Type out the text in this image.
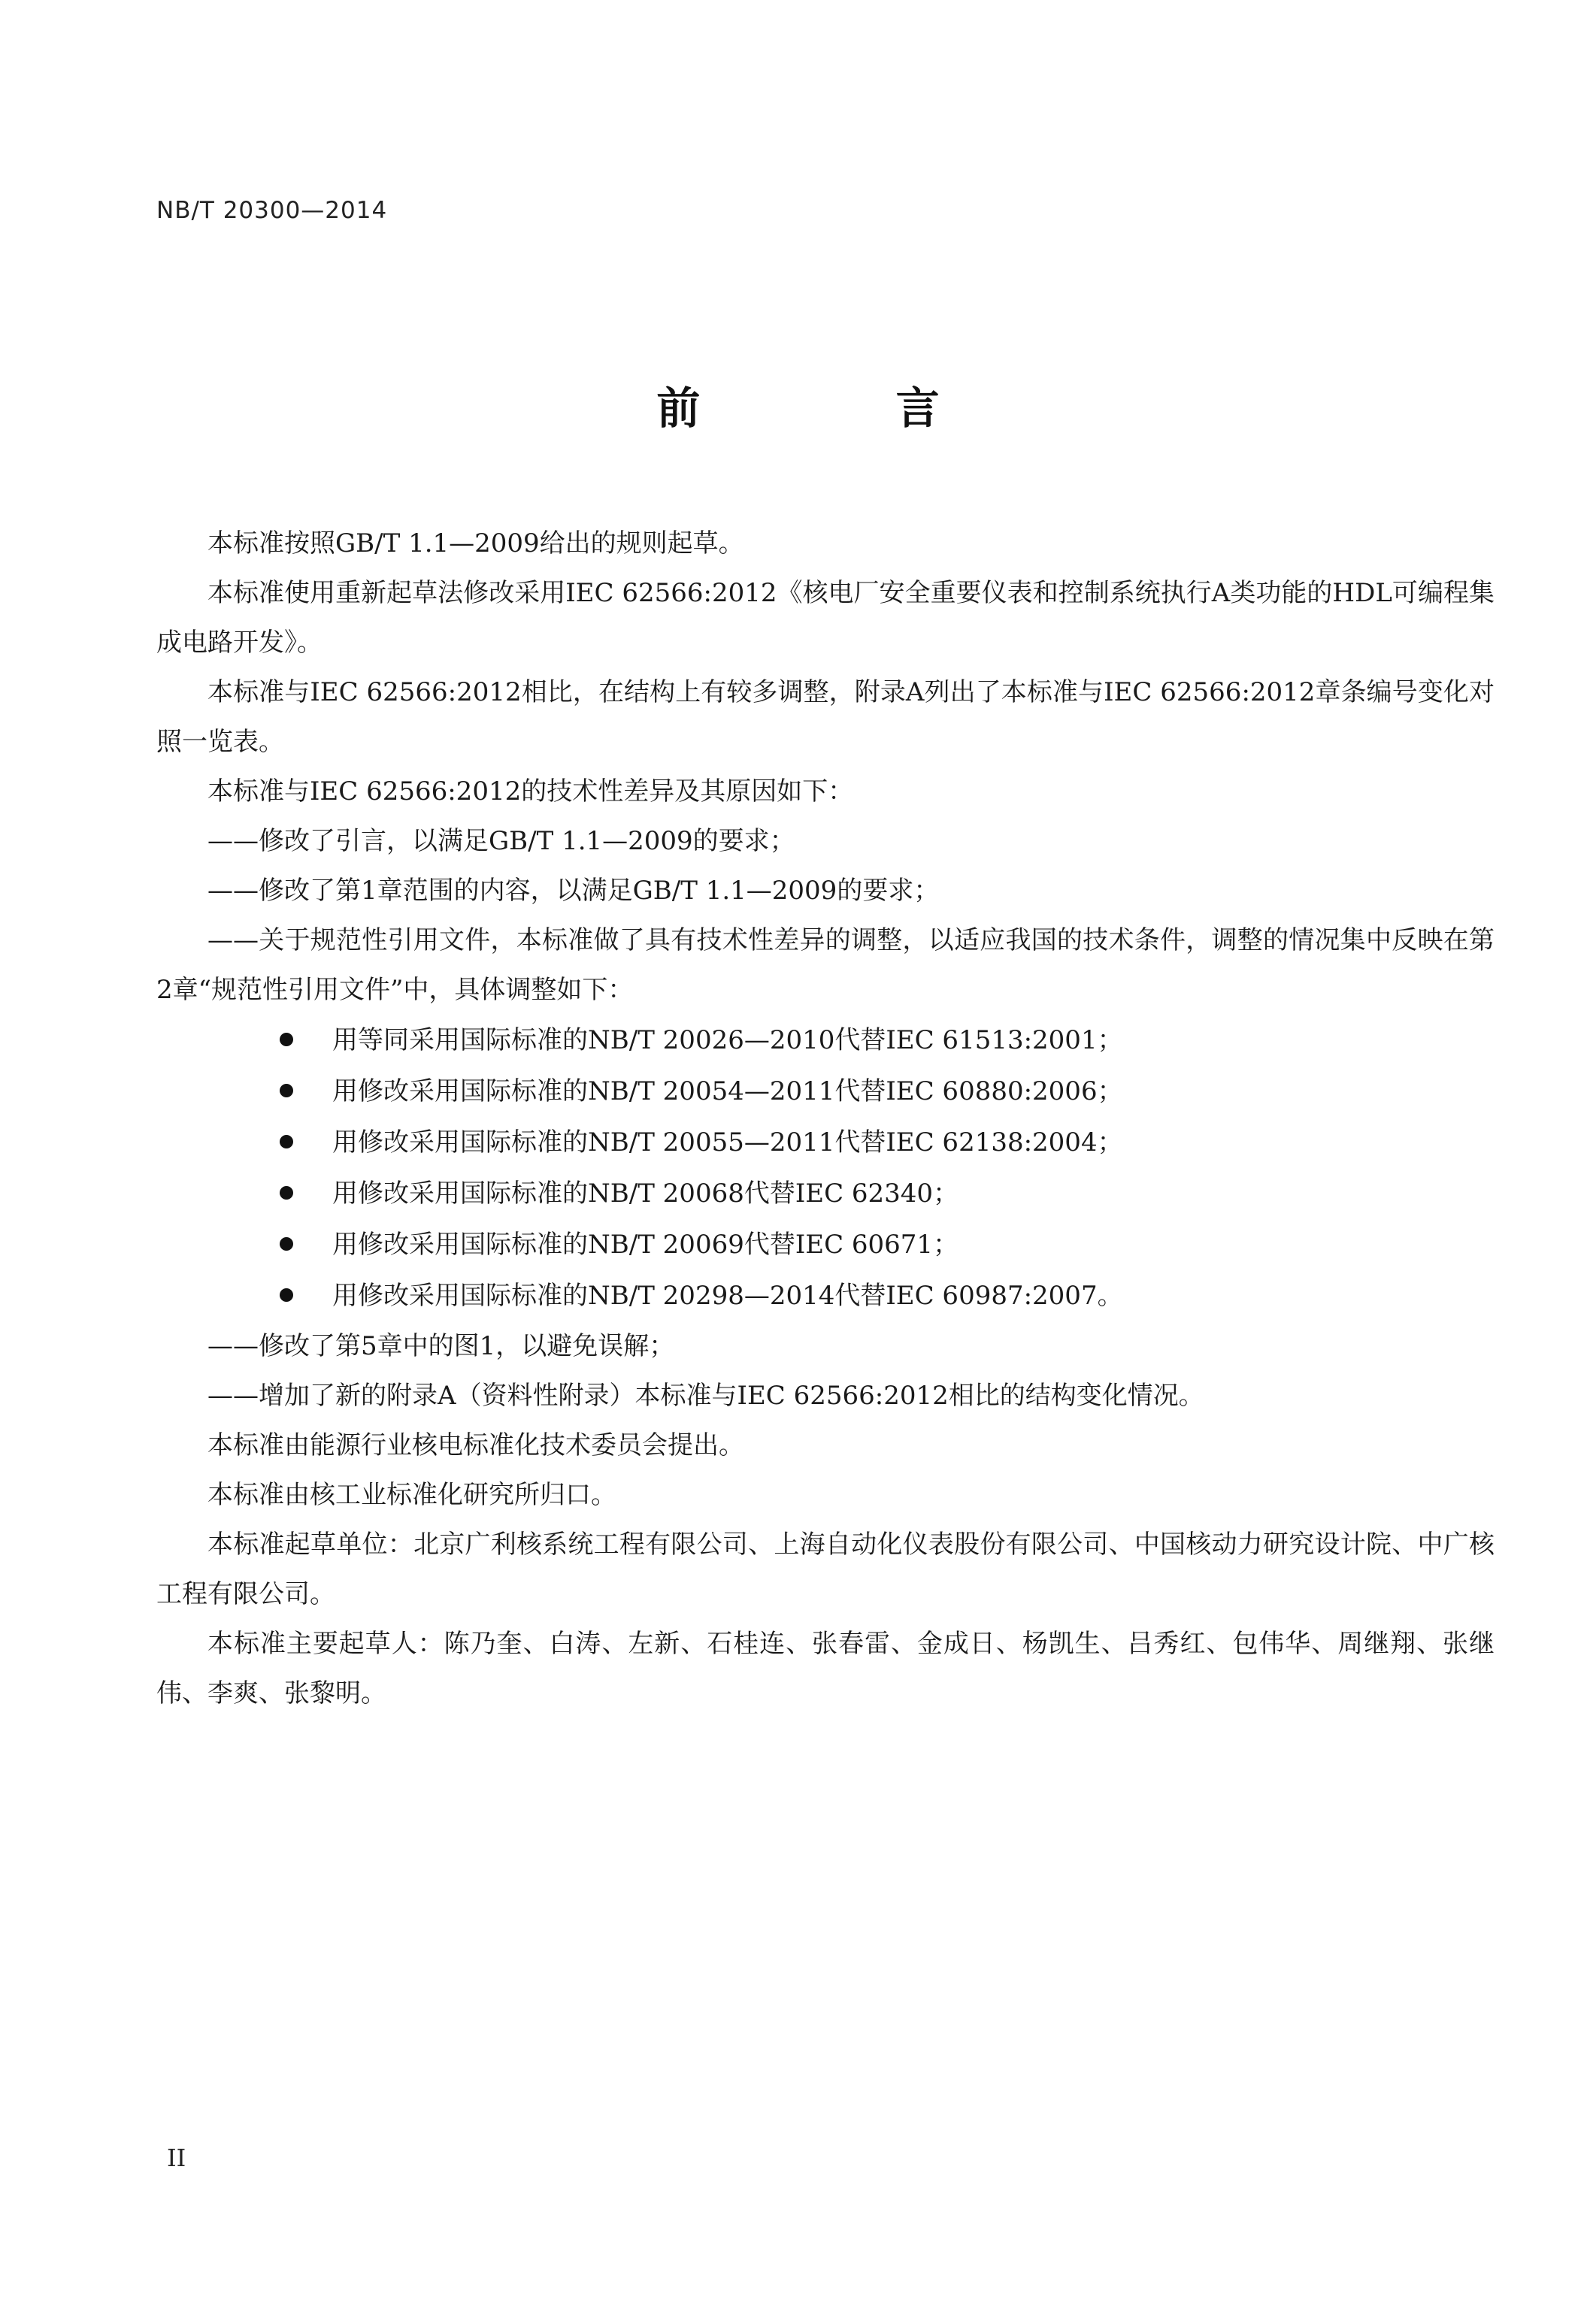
NB/T 20300—2014
前 言

本标准按照GB/T 1.1—2009给出的规则起草。

本标准使用重新起草法修改采用IEC 62566:2012《核电厂安全重要仪表和控制系统执行A类功能的HDL可编程集成电路开发》。

本标准与IEC 62566:2012相比，在结构上有较多调整，附录A列出了本标准与IEC 62566:2012章条编号变化对照一览表。

本标准与IEC 62566:2012的技术性差异及其原因如下：

——修改了引言，以满足GB/T 1.1—2009的要求；

——修改了第1章范围的内容，以满足GB/T 1.1—2009的要求；

——关于规范性引用文件，本标准做了具有技术性差异的调整，以适应我国的技术条件，调整的情况集中反映在第2章“规范性引用文件”中，具体调整如下：

用等同采用国际标准的NB/T 20026—2010代替IEC 61513:2001；
用修改采用国际标准的NB/T 20054—2011代替IEC 60880:2006；
用修改采用国际标准的NB/T 20055—2011代替IEC 62138:2004；
用修改采用国际标准的NB/T 20068代替IEC 62340；
用修改采用国际标准的NB/T 20069代替IEC 60671；
用修改采用国际标准的NB/T 20298—2014代替IEC 60987:2007。

——修改了第5章中的图1，以避免误解；

——增加了新的附录A（资料性附录）本标准与IEC 62566:2012相比的结构变化情况。

本标准由能源行业核电标准化技术委员会提出。

本标准由核工业标准化研究所归口。

本标准起草单位：北京广利核系统工程有限公司、上海自动化仪表股份有限公司、中国核动力研究设计院、中广核工程有限公司。

本标准主要起草人：陈乃奎、白涛、左新、石桂连、张春雷、金成日、杨凯生、吕秀红、包伟华、周继翔、张继伟、李爽、张黎明。

II
